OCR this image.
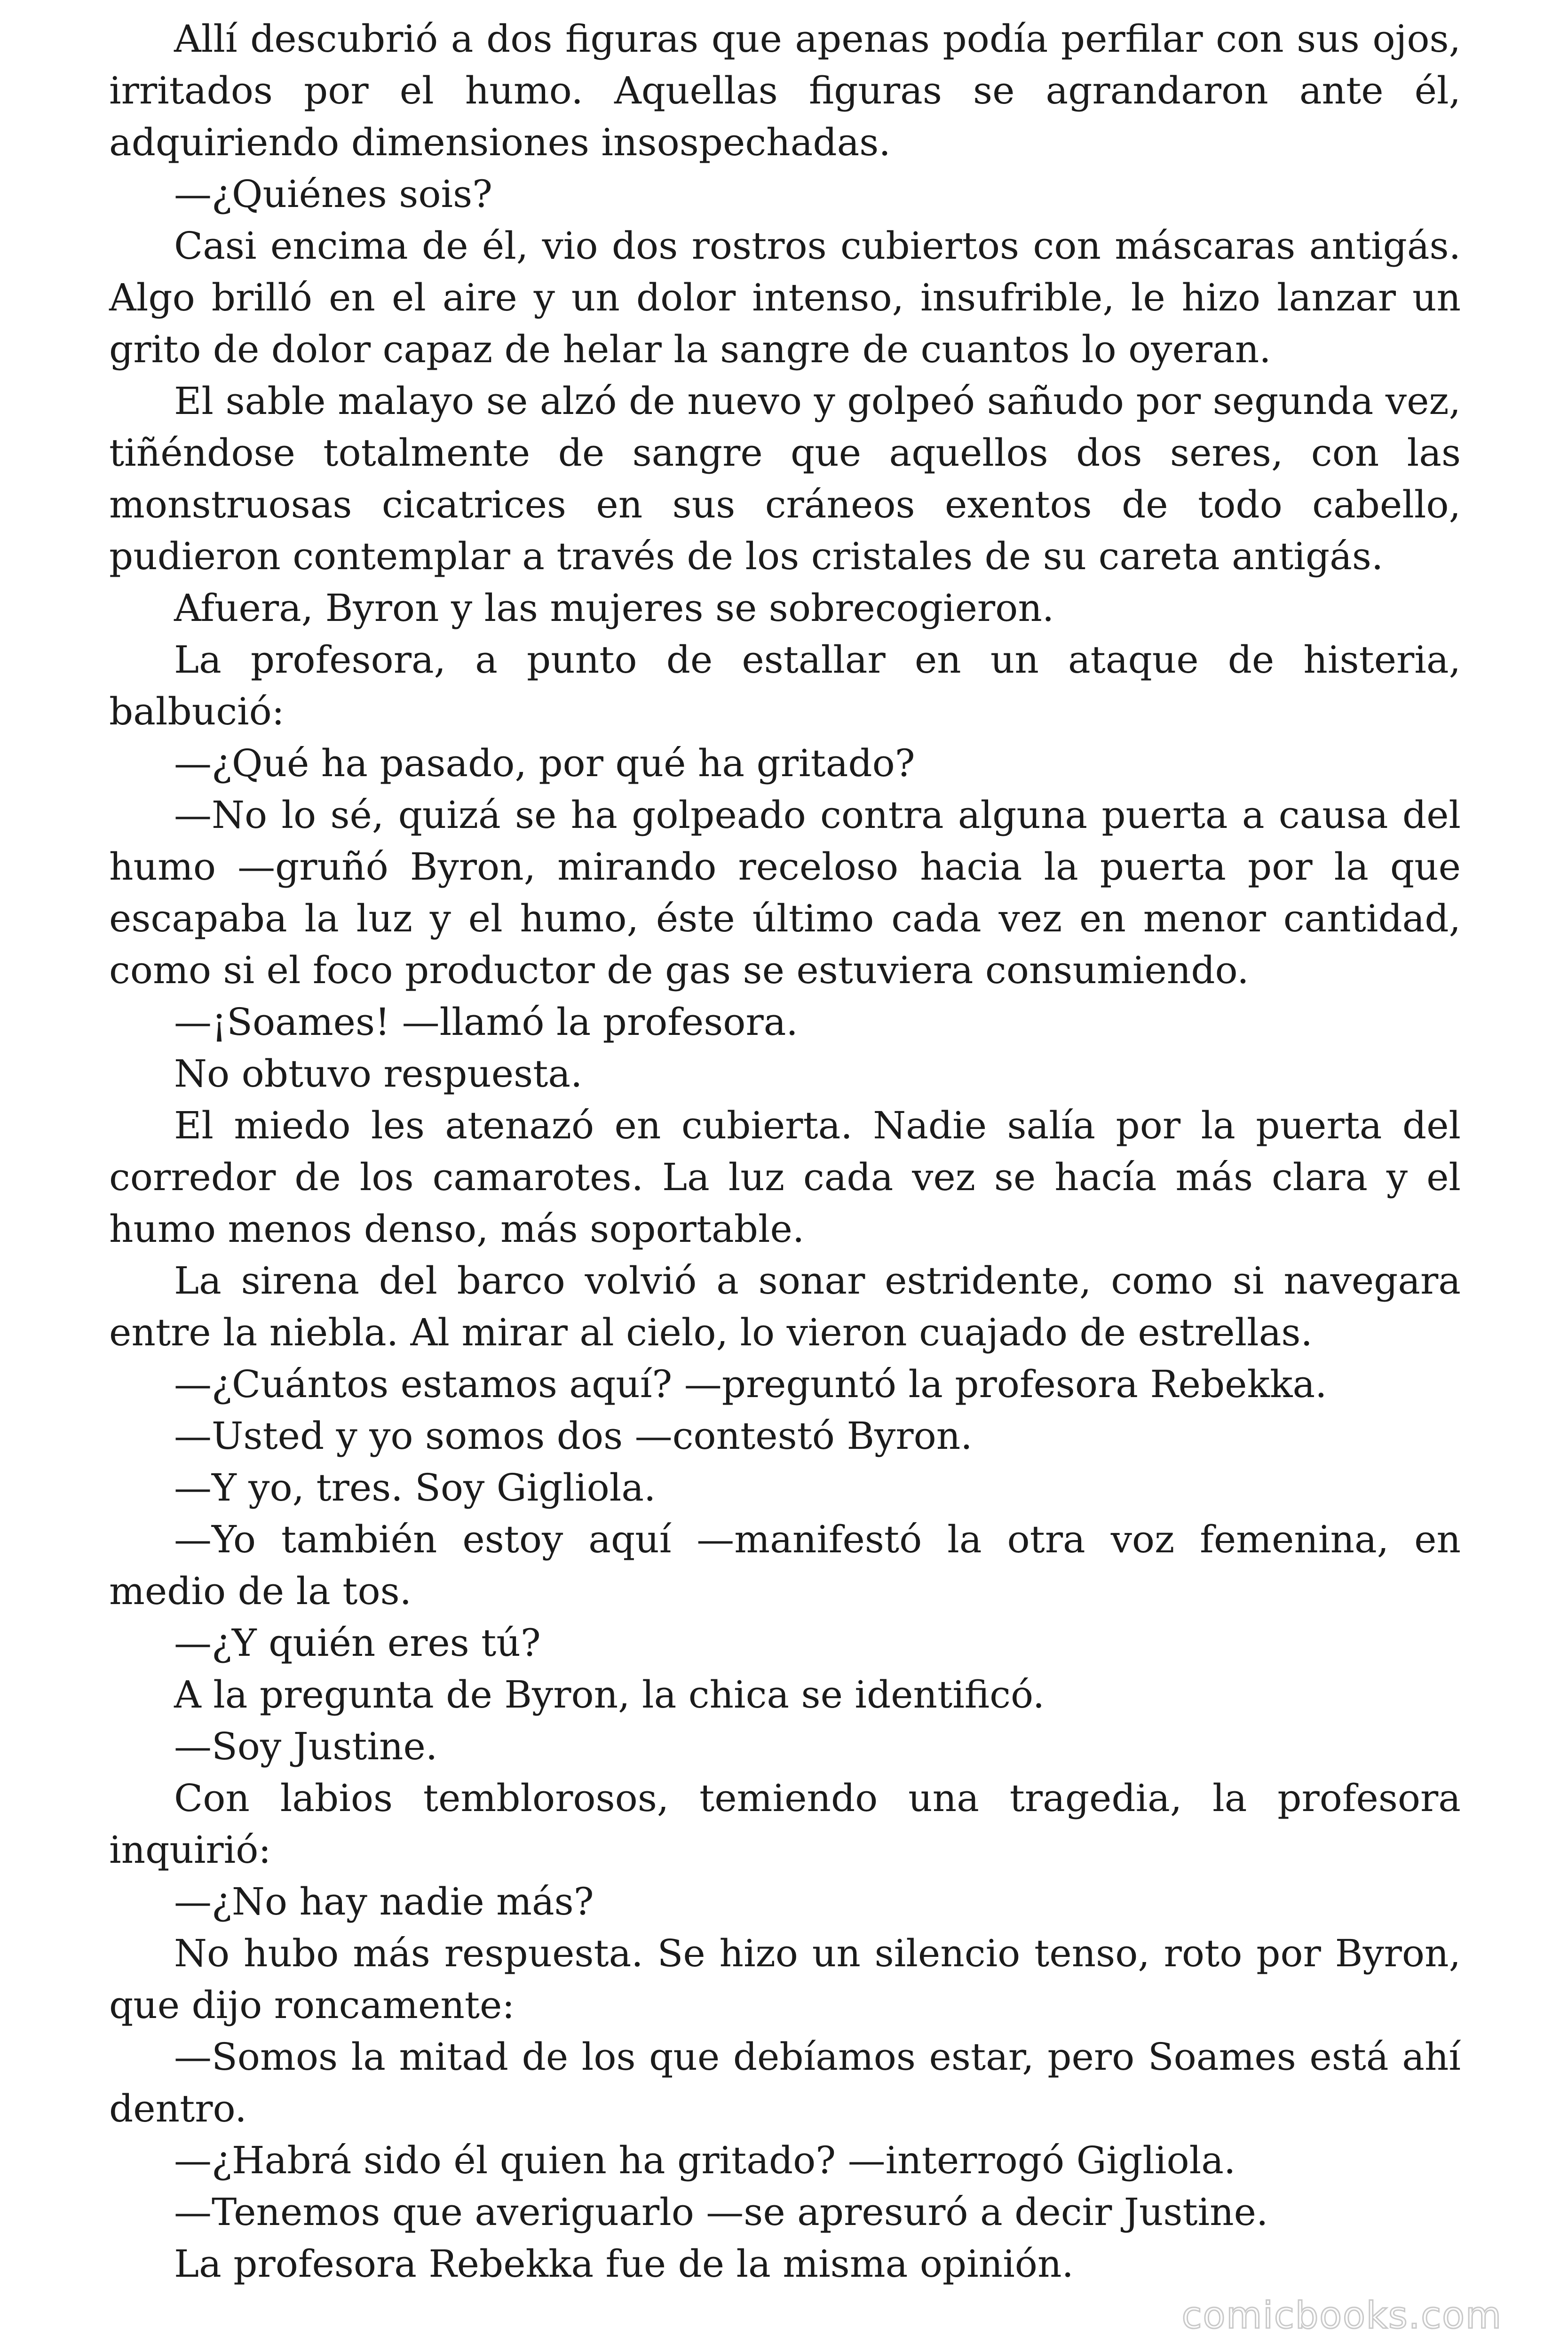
Allí descubrió a dos figuras que apenas podía perfilar con sus ojos, irritados por el humo. Aquellas figuras se agrandaron ante él, adquiriendo dimensiones insospechadas.

—¿Quiénes sois?

Casi encima de él, vio dos rostros cubiertos con máscaras antigás. Algo brilló en el aire y un dolor intenso, insufrible, le hizo lanzar un grito de dolor capaz de helar la sangre de cuantos lo oyeran.

El sable malayo se alzó de nuevo y golpeó sañudo por segunda vez, tiñéndose totalmente de sangre que aquellos dos seres, con las monstruosas cicatrices en sus cráneos exentos de todo cabello, pudieron contemplar a través de los cristales de su careta antigás.

Afuera, Byron y las mujeres se sobrecogieron.

La profesora, a punto de estallar en un ataque de histeria, balbució:

—¿Qué ha pasado, por qué ha gritado?

—No lo sé, quizá se ha golpeado contra alguna puerta a causa del humo —gruñó Byron, mirando receloso hacia la puerta por la que escapaba la luz y el humo, éste último cada vez en menor cantidad, como si el foco productor de gas se estuviera consumiendo.

—¡Soames! —llamó la profesora.

No obtuvo respuesta.

El miedo les atenazó en cubierta. Nadie salía por la puerta del corredor de los camarotes. La luz cada vez se hacía más clara y el humo menos denso, más soportable.

La sirena del barco volvió a sonar estridente, como si navegara entre la niebla. Al mirar al cielo, lo vieron cuajado de estrellas.

—¿Cuántos estamos aquí? —preguntó la profesora Rebekka.

—Usted y yo somos dos —contestó Byron.

—Y yo, tres. Soy Gigliola.

—Yo también estoy aquí —manifestó la otra voz femenina, en medio de la tos.

—¿Y quién eres tú?

A la pregunta de Byron, la chica se identificó.

—Soy Justine.

Con labios temblorosos, temiendo una tragedia, la profesora inquirió:

—¿No hay nadie más?

No hubo más respuesta. Se hizo un silencio tenso, roto por Byron, que dijo roncamente:

—Somos la mitad de los que debíamos estar, pero Soames está ahí dentro.

—¿Habrá sido él quien ha gritado? —interrogó Gigliola.

—Tenemos que averiguarlo —se apresuró a decir Justine.

La profesora Rebekka fue de la misma opinión.

comicbooks.com
